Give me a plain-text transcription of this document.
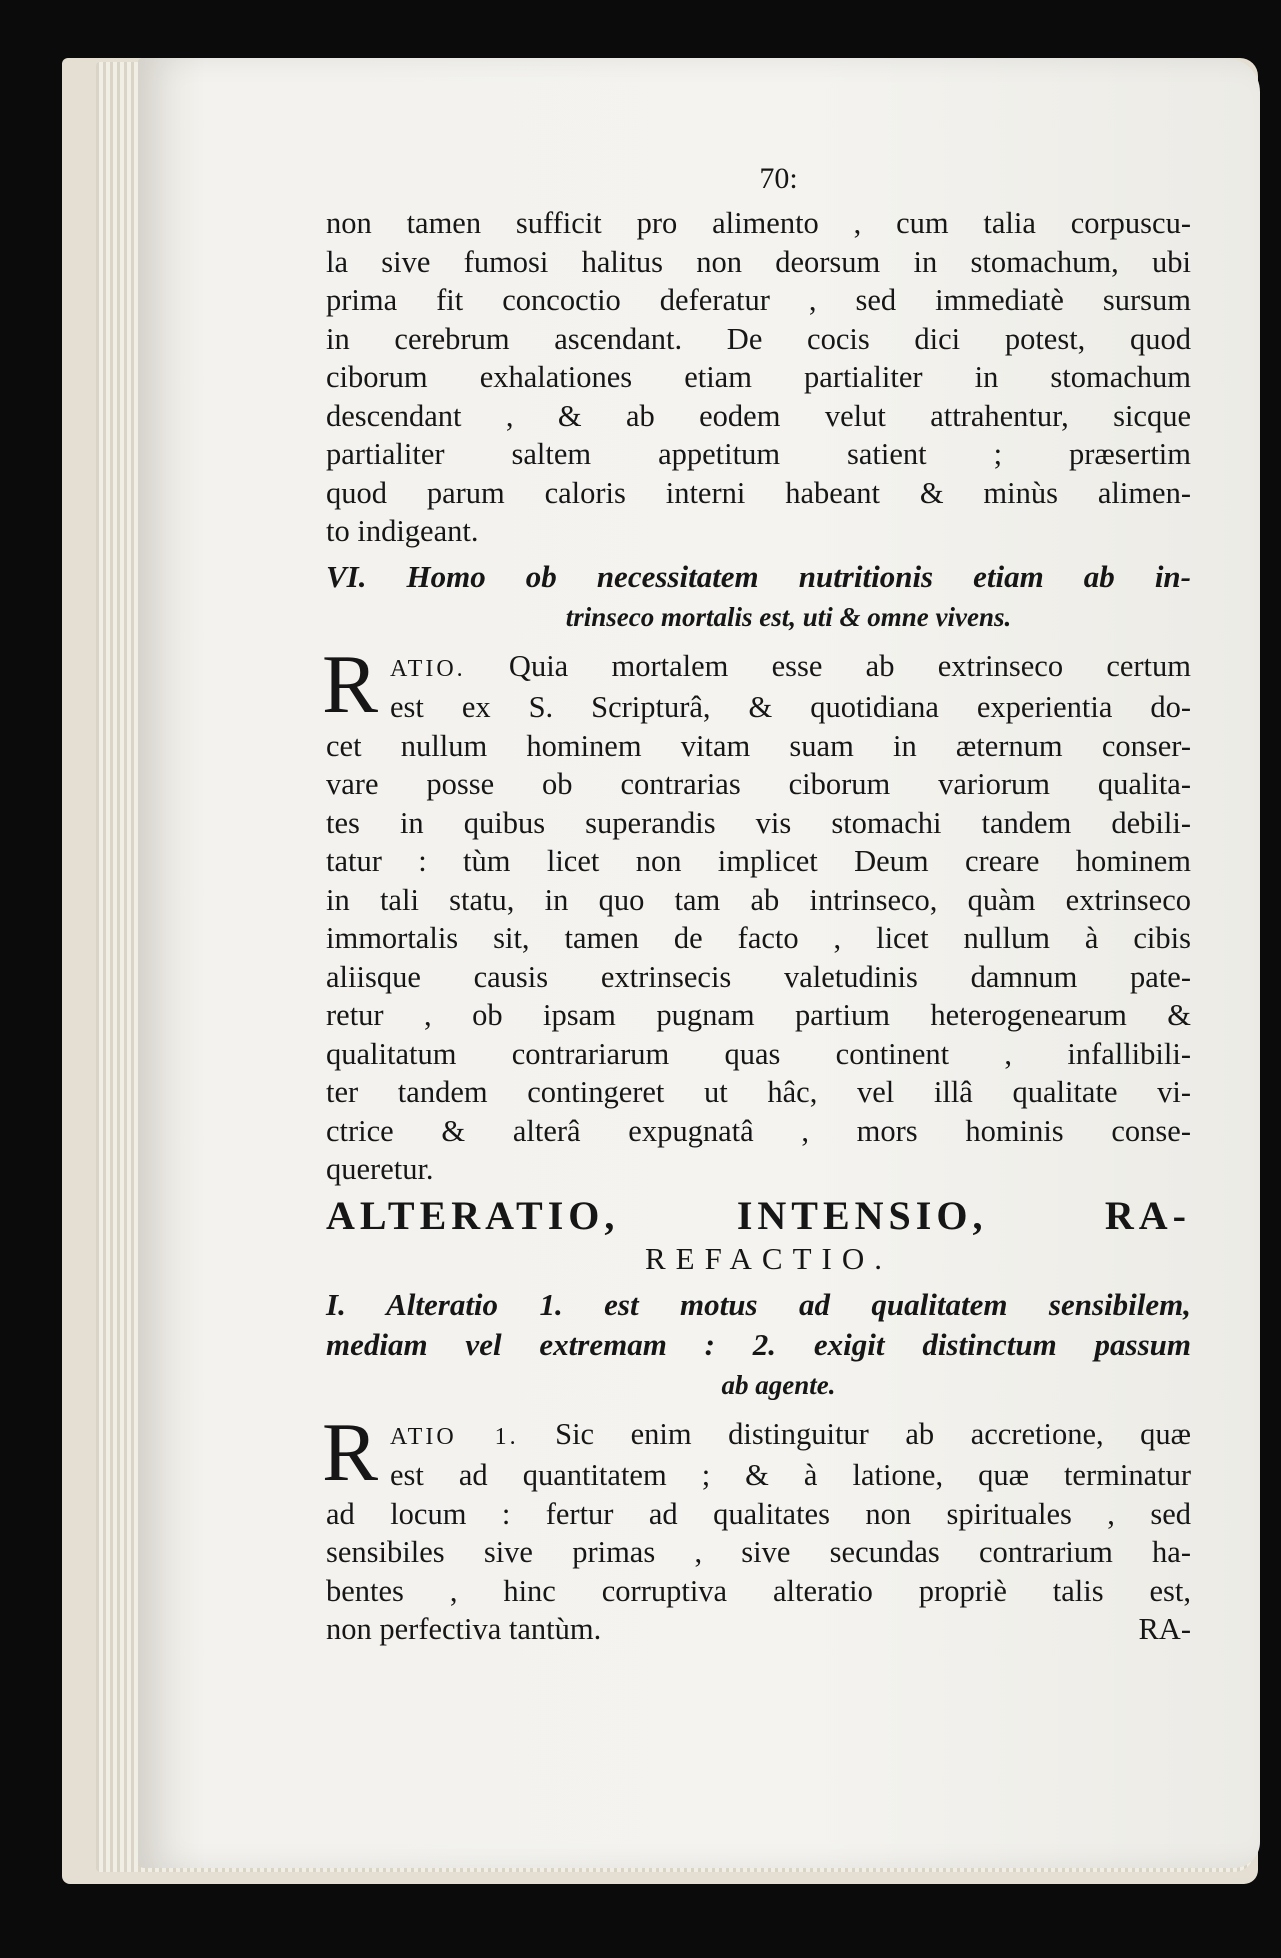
70:
non tamen sufficit pro alimento , cum talia corpuscu-
la sive fumosi halitus non deorsum in stomachum, ubi
prima fit concoctio deferatur , sed immediatè sursum
in cerebrum ascendant. De cocis dici potest, quod
ciborum exhalationes etiam partialiter in stomachum
descendant , & ab eodem velut attrahentur, sicque
partialiter saltem appetitum satient ; præsertim
quod parum caloris interni habeant & minùs alimen-
to indigeant.
VI. Homo ob necessitatem nutritionis etiam ab in-
trinseco mortalis est, uti & omne vivens.
R ATIO. Quia mortalem esse ab extrinseco certum
est ex S. Scripturâ, & quotidiana experientia do-
cet nullum hominem vitam suam in æternum conser-
vare posse ob contrarias ciborum variorum qualita-
tes in quibus superandis vis stomachi tandem debili-
tatur : tùm licet non implicet Deum creare hominem
in tali statu, in quo tam ab intrinseco, quàm extrinseco
immortalis sit, tamen de facto , licet nullum à cibis
aliisque causis extrinsecis valetudinis damnum pate-
retur , ob ipsam pugnam partium heterogenearum &
qualitatum contrariarum quas continent , infallibili-
ter tandem contingeret ut hâc, vel illâ qualitate vi-
ctrice & alterâ expugnatâ , mors hominis conse-
queretur.
ALTERATIO, INTENSIO, RA-
REFACTIO.
I. Alteratio 1. est motus ad qualitatem sensibilem,
mediam vel extremam : 2. exigit distinctum passum
ab agente.
R ATIO 1. Sic enim distinguitur ab accretione, quæ
est ad quantitatem ; & à latione, quæ terminatur
ad locum : fertur ad qualitates non spirituales , sed
sensibiles sive primas , sive secundas contrarium ha-
bentes , hinc corruptiva alteratio propriè talis est,
non perfectiva tantùm.	RA-
